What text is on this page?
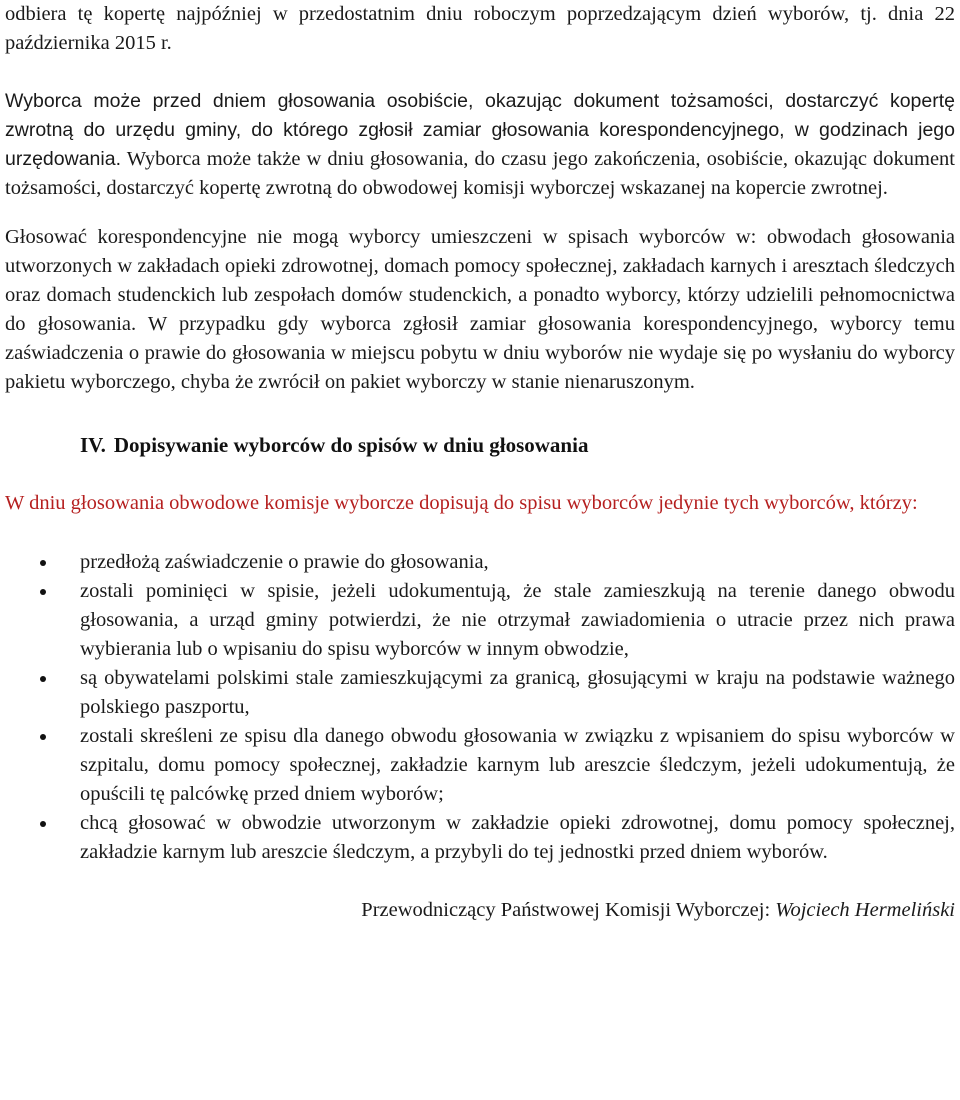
odbiera tę kopertę najpóźniej w przedostatnim dniu roboczym poprzedzającym dzień wyborów, tj. dnia 22 października 2015 r.

Wyborca może przed dniem głosowania osobiście, okazując dokument tożsamości, dostarczyć kopertę zwrotną do urzędu gminy, do którego zgłosił zamiar głosowania korespondencyjnego, w godzinach jego urzędowania. Wyborca może także w dniu głosowania, do czasu jego zakończenia, osobiście, okazując dokument tożsamości, dostarczyć kopertę zwrotną do obwodowej komisji wyborczej wskazanej na kopercie zwrotnej.

Głosować korespondencyjne nie mogą wyborcy umieszczeni w spisach wyborców w: obwodach głosowania utworzonych w zakładach opieki zdrowotnej, domach pomocy społecznej, zakładach karnych i aresztach śledczych oraz domach studenckich lub zespołach domów studenckich, a ponadto wyborcy, którzy udzielili pełnomocnictwa do głosowania. W przypadku gdy wyborca zgłosił zamiar głosowania korespondencyjnego, wyborcy temu zaświadczenia o prawie do głosowania w miejscu pobytu w dniu wyborów nie wydaje się po wysłaniu do wyborcy pakietu wyborczego, chyba że zwrócił on pakiet wyborczy w stanie nienaruszonym.

IV. Dopisywanie wyborców do spisów w dniu głosowania

W dniu głosowania obwodowe komisje wyborcze dopisują do spisu wyborców jedynie tych wyborców, którzy:

przedłożą zaświadczenie o prawie do głosowania,
zostali pominięci w spisie, jeżeli udokumentują, że stale zamieszkują na terenie danego obwodu głosowania, a urząd gminy potwierdzi, że nie otrzymał zawiadomienia o utracie przez nich prawa wybierania lub o wpisaniu do spisu wyborców w innym obwodzie,
są obywatelami polskimi stale zamieszkującymi za granicą, głosującymi w kraju na podstawie ważnego polskiego paszportu,
zostali skreśleni ze spisu dla danego obwodu głosowania w związku z wpisaniem do spisu wyborców w szpitalu, domu pomocy społecznej, zakładzie karnym lub areszcie śledczym, jeżeli udokumentują, że opuścili tę palcówkę przed dniem wyborów;
chcą głosować w obwodzie utworzonym w zakładzie opieki zdrowotnej, domu pomocy społecznej, zakładzie karnym lub areszcie śledczym, a przybyli do tej jednostki przed dniem wyborów.
Przewodniczący Państwowej Komisji Wyborczej: Wojciech Hermeliński
